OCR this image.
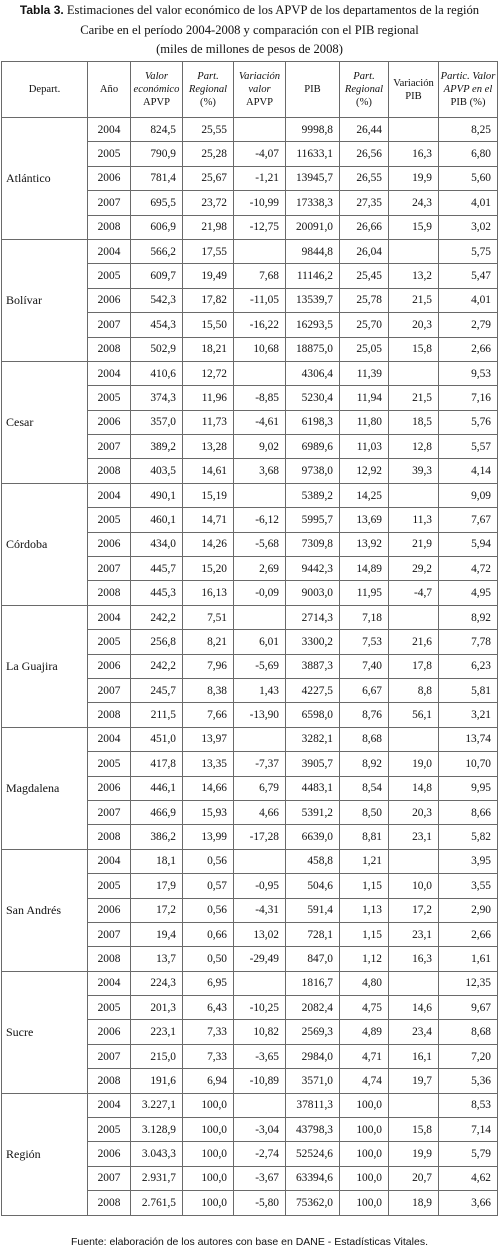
Tabla 3. Estimaciones del valor económico de los APVP de los departamentos de la región
Caribe en el período 2004-2008 y comparación con el PIB regional
(miles de millones de pesos de 2008)
Depart.	Año	Valor
económico
APVP	Part.
Regional
(%)	Variación
valor
APVP	PIB	Part.
Regional
(%)	Variación
PIB	Partic. Valor
APVP en el
PIB (%)
Atlántico	2004	824,5	25,55		9998,8	26,44		8,25
	2005	790,9	25,28	-4,07	11633,1	26,56	16,3	6,80
	2006	781,4	25,67	-1,21	13945,7	26,55	19,9	5,60
	2007	695,5	23,72	-10,99	17338,3	27,35	24,3	4,01
	2008	606,9	21,98	-12,75	20091,0	26,66	15,9	3,02
Bolívar	2004	566,2	17,55		9844,8	26,04		5,75
	2005	609,7	19,49	7,68	11146,2	25,45	13,2	5,47
	2006	542,3	17,82	-11,05	13539,7	25,78	21,5	4,01
	2007	454,3	15,50	-16,22	16293,5	25,70	20,3	2,79
	2008	502,9	18,21	10,68	18875,0	25,05	15,8	2,66
Cesar	2004	410,6	12,72		4306,4	11,39		9,53
	2005	374,3	11,96	-8,85	5230,4	11,94	21,5	7,16
	2006	357,0	11,73	-4,61	6198,3	11,80	18,5	5,76
	2007	389,2	13,28	9,02	6989,6	11,03	12,8	5,57
	2008	403,5	14,61	3,68	9738,0	12,92	39,3	4,14
Córdoba	2004	490,1	15,19		5389,2	14,25		9,09
	2005	460,1	14,71	-6,12	5995,7	13,69	11,3	7,67
	2006	434,0	14,26	-5,68	7309,8	13,92	21,9	5,94
	2007	445,7	15,20	2,69	9442,3	14,89	29,2	4,72
	2008	445,3	16,13	-0,09	9003,0	11,95	-4,7	4,95
La Guajira	2004	242,2	7,51		2714,3	7,18		8,92
	2005	256,8	8,21	6,01	3300,2	7,53	21,6	7,78
	2006	242,2	7,96	-5,69	3887,3	7,40	17,8	6,23
	2007	245,7	8,38	1,43	4227,5	6,67	8,8	5,81
	2008	211,5	7,66	-13,90	6598,0	8,76	56,1	3,21
Magdalena	2004	451,0	13,97		3282,1	8,68		13,74
	2005	417,8	13,35	-7,37	3905,7	8,92	19,0	10,70
	2006	446,1	14,66	6,79	4483,1	8,54	14,8	9,95
	2007	466,9	15,93	4,66	5391,2	8,50	20,3	8,66
	2008	386,2	13,99	-17,28	6639,0	8,81	23,1	5,82
San Andrés	2004	18,1	0,56		458,8	1,21		3,95
	2005	17,9	0,57	-0,95	504,6	1,15	10,0	3,55
	2006	17,2	0,56	-4,31	591,4	1,13	17,2	2,90
	2007	19,4	0,66	13,02	728,1	1,15	23,1	2,66
	2008	13,7	0,50	-29,49	847,0	1,12	16,3	1,61
Sucre	2004	224,3	6,95		1816,7	4,80		12,35
	2005	201,3	6,43	-10,25	2082,4	4,75	14,6	9,67
	2006	223,1	7,33	10,82	2569,3	4,89	23,4	8,68
	2007	215,0	7,33	-3,65	2984,0	4,71	16,1	7,20
	2008	191,6	6,94	-10,89	3571,0	4,74	19,7	5,36
Región	2004	3.227,1	100,0		37811,3	100,0		8,53
	2005	3.128,9	100,0	-3,04	43798,3	100,0	15,8	7,14
	2006	3.043,3	100,0	-2,74	52524,6	100,0	19,9	5,79
	2007	2.931,7	100,0	-3,67	63394,6	100,0	20,7	4,62
	2008	2.761,5	100,0	-5,80	75362,0	100,0	18,9	3,66
Fuente: elaboración de los autores con base en DANE - Estadísticas Vitales.
